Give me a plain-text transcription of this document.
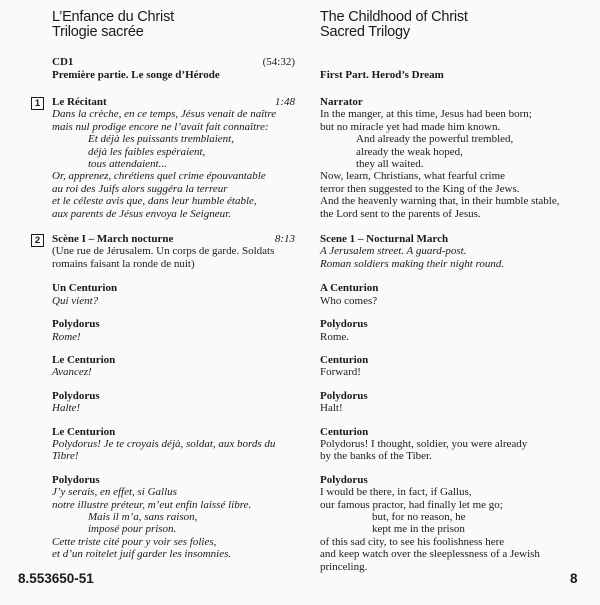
L’Enfance du Christ
Trilogie sacrée
CD1	(54:32)
Première partie. Le songe d’Hérode
1	1:48
Le Récitant
Dans la crèche, en ce temps, Jésus venait de naître
mais nul prodige encore ne l’avait fait connaître:
Et déjà les puissants tremblaient,
déjà les faibles espéraient,
tous attendaient...
Or, apprenez, chrétiens quel crime épouvantable
au roi des Juifs alors suggéra la terreur
et le céleste avis que, dans leur humble étable,
aux parents de Jésus envoya le Seigneur.
2	8:13
Scène I – March nocturne
(Une rue de Jérusalem. Un corps de garde. Soldats
romains faisant la ronde de nuit)
Un Centurion
Qui vient?
Polydorus
Rome!
Le Centurion
Avancez!
Polydorus
Halte!
Le Centurion
Polydorus! Je te croyais déjà, soldat, aux bords du
Tibre!
Polydorus
J’y serais, en effet, si Gallus
notre illustre préteur, m’eut enfin laissé libre.
Mais il m’a, sans raison,
imposé pour prison.
Cette triste cité pour y voir ses folies,
et d’un roitelet juif garder les insomnies.
The Childhood of Christ
Sacred Trilogy
First Part. Herod’s Dream
Narrator
In the manger, at this time, Jesus had been born;
but no miracle yet had made him known.
And already the powerful trembled,
already the weak hoped,
they all waited.
Now, learn, Christians, what fearful crime
terror then suggested to the King of the Jews.
And the heavenly warning that, in their humble stable,
the Lord sent to the parents of Jesus.
Scene 1 – Nocturnal March
A Jerusalem street. A guard-post.
Roman soldiers making their night round.
A Centurion
Who comes?
Polydorus
Rome.
Centurion
Forward!
Polydorus
Halt!
Centurion
Polydorus! I thought, soldier, you were already
by the banks of the Tiber.
Polydorus
I would be there, in fact, if Gallus,
our famous practor, had finally let me go;
but, for no reason, he
kept me in the prison
of this sad city, to see his foolishness here
and keep watch over the sleeplessness of a Jewish
princeling.
8.553650-51	8
